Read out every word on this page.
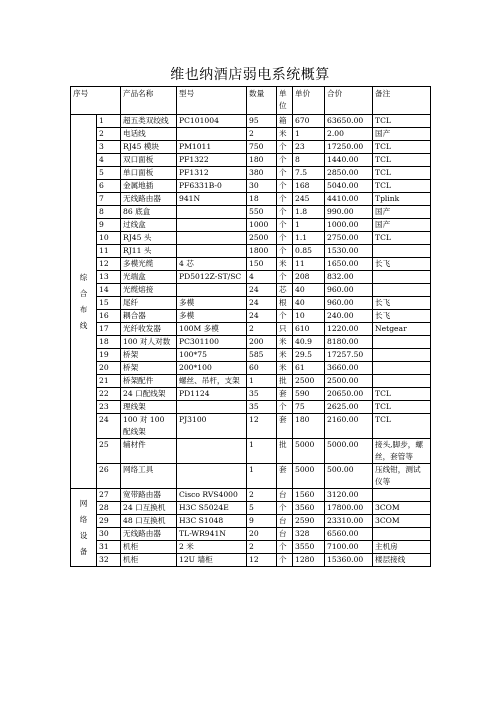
维也纳酒店弱电系统概算
序号		产品名称	型号	数量	单位	单价	合价	备注

综合布线	1	超五类双绞线	PC101004	95	箱	670	63650.00	TCL
	2	电话线		2	米	1	2.00	国产
	3	RJ45 模块	PM1011	750	个	23	17250.00	TCL
	4	双口面板	PF1322	180	个	8	1440.00	TCL
	5	单口面板	PF1312	380	个	7.5	2850.00	TCL
	6	金属地插	PF6331B-0	30	个	168	5040.00	TCL
	7	无线路由器	941N	18	个	245	4410.00	Tplink
	8	86 底盒		550	个	1.8	990.00	国产
	9	过线盒		1000	个	1	1000.00	国产
	10	RJ45 头		2500	个	1.1	2750.00	TCL
	11	RJ11 头		1800	个	0.85	1530.00	
	12	多模光缆	4 芯	150	米	11	1650.00	长飞
	13	光端盒	PD5012Z-ST/SC	4	个	208	832.00	
	14	光缆熔接		24	芯	40	960.00	
	15	尾纤	多模	24	根	40	960.00	长飞
	16	耦合器	多模	24	个	10	240.00	长飞
	17	光纤收发器	100M 多模	2	只	610	1220.00	Netgear
	18	100 对人对数	PC301100	200	米	40.9	8180.00	
	19	桥架	100*75	585	米	29.5	17257.50	
	20	桥架	200*100	60	米	61	3660.00	
	21	桥架配件	螺丝、吊杆，支架	1	批	2500	2500.00	
	22	24 口配线架	PD1124	35	套	590	20650.00	TCL
	23	理线架		35	个	75	2625.00	TCL
	24	100 对 100 配线架	PJ3100	12	套	180	2160.00	TCL
	25	辅材件		1	批	5000	5000.00	接头,脚步，螺丝，套管等
	26	网络工具		1	套	5000	500.00	压线钳，测试仪等

网络设备	27	宽带路由器	Cisco RVS4000	2	台	1560	3120.00	
	28	24 口互换机	H3C S5024E	5	个	3560	17800.00	3COM
	29	48 口互换机	H3C S1048	9	台	2590	23310.00	3COM
	30	无线路由器	TL-WR941N	20	台	328	6560.00	
	31	机柜	2 米	2	个	3550	7100.00	主机房
	32	机柜	12U 墙柜	12	个	1280	15360.00	楼层接线
